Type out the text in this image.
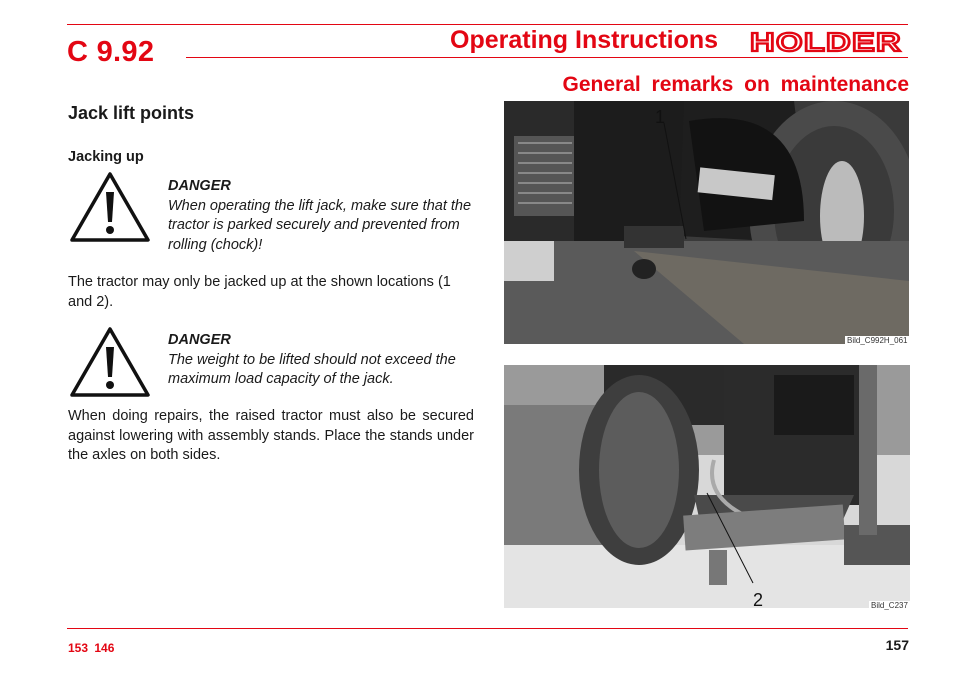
C 9.92	Operating Instructions HOLDER
General remarks on maintenance
Jack lift points
Jacking up
DANGER
When operating the lift jack, make sure that the tractor is parked securely and prevented from rolling (chock)!
The tractor may only be jacked up at the shown locations (1 and 2).
DANGER
The weight to be lifted should not exceed the maximum load capacity of the jack.
When doing repairs, the raised tractor must also be secured against lowering with assembly stands. Place the stands under the axles on both sides.
1
Bild_C992H_061
2	Bild_C237
153 146	157
